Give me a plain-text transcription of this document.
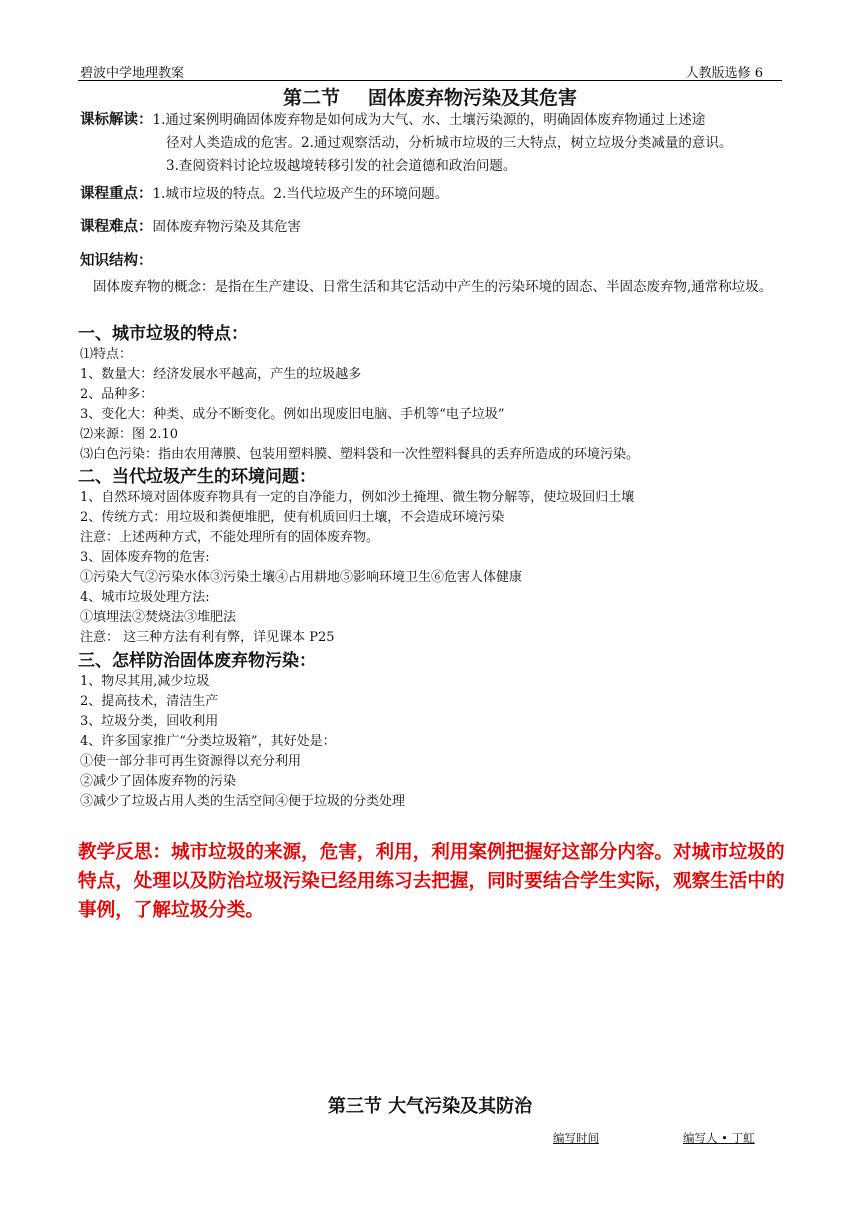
碧波中学地理教案	人教版选修 6
第二节 固体废弃物污染及其危害
课标解读：1.通过案例明确固体废弃物是如何成为大气、水、土壤污染源的，明确固体废弃物通过上述途
径对人类造成的危害。2.通过观察活动，分析城市垃圾的三大特点，树立垃圾分类减量的意识。
3.查阅资料讨论垃圾越境转移引发的社会道德和政治问题。
课程重点：1.城市垃圾的特点。2.当代垃圾产生的环境问题。
课程难点：固体废弃物污染及其危害
知识结构：
固体废弃物的概念：是指在生产建设、日常生活和其它活动中产生的污染环境的固态、半固态废弃物,通常称垃圾。
一、城市垃圾的特点：
⑴特点：
1、数量大：经济发展水平越高，产生的垃圾越多
2、品种多：
3、变化大：种类、成分不断变化。例如出现废旧电脑、手机等“电子垃圾”
⑵来源：图 2.10
⑶白色污染：指由农用薄膜、包装用塑料膜、塑料袋和一次性塑料餐具的丢弃所造成的环境污染。
二、当代垃圾产生的环境问题：
1、自然环境对固体废弃物具有一定的自净能力，例如沙土掩埋、微生物分解等，使垃圾回归土壤
2、传统方式：用垃圾和粪便堆肥，使有机质回归土壤，不会造成环境污染
注意：上述两种方式，不能处理所有的固体废弃物。
3、固体废弃物的危害:
①污染大气②污染水体③污染土壤④占用耕地⑤影响环境卫生⑥危害人体健康
4、城市垃圾处理方法:
①填埋法②焚烧法③堆肥法
注意： 这三种方法有利有弊，详见课本 P25
三、怎样防治固体废弃物污染：
1、物尽其用,减少垃圾
2、提高技术，清洁生产
3、垃圾分类，回收利用
4、许多国家推广“分类垃圾箱”，其好处是：
①使一部分非可再生资源得以充分利用
②减少了固体废弃物的污染
③减少了垃圾占用人类的生活空间④便于垃圾的分类处理
教学反思：城市垃圾的来源，危害，利用，利用案例把握好这部分内容。对城市垃圾的特点，处理以及防治垃圾污染已经用练习去把握，同时要结合学生实际，观察生活中的事例，了解垃圾分类。
第三节 大气污染及其防治
编写时间	编写人 • 丁虹
